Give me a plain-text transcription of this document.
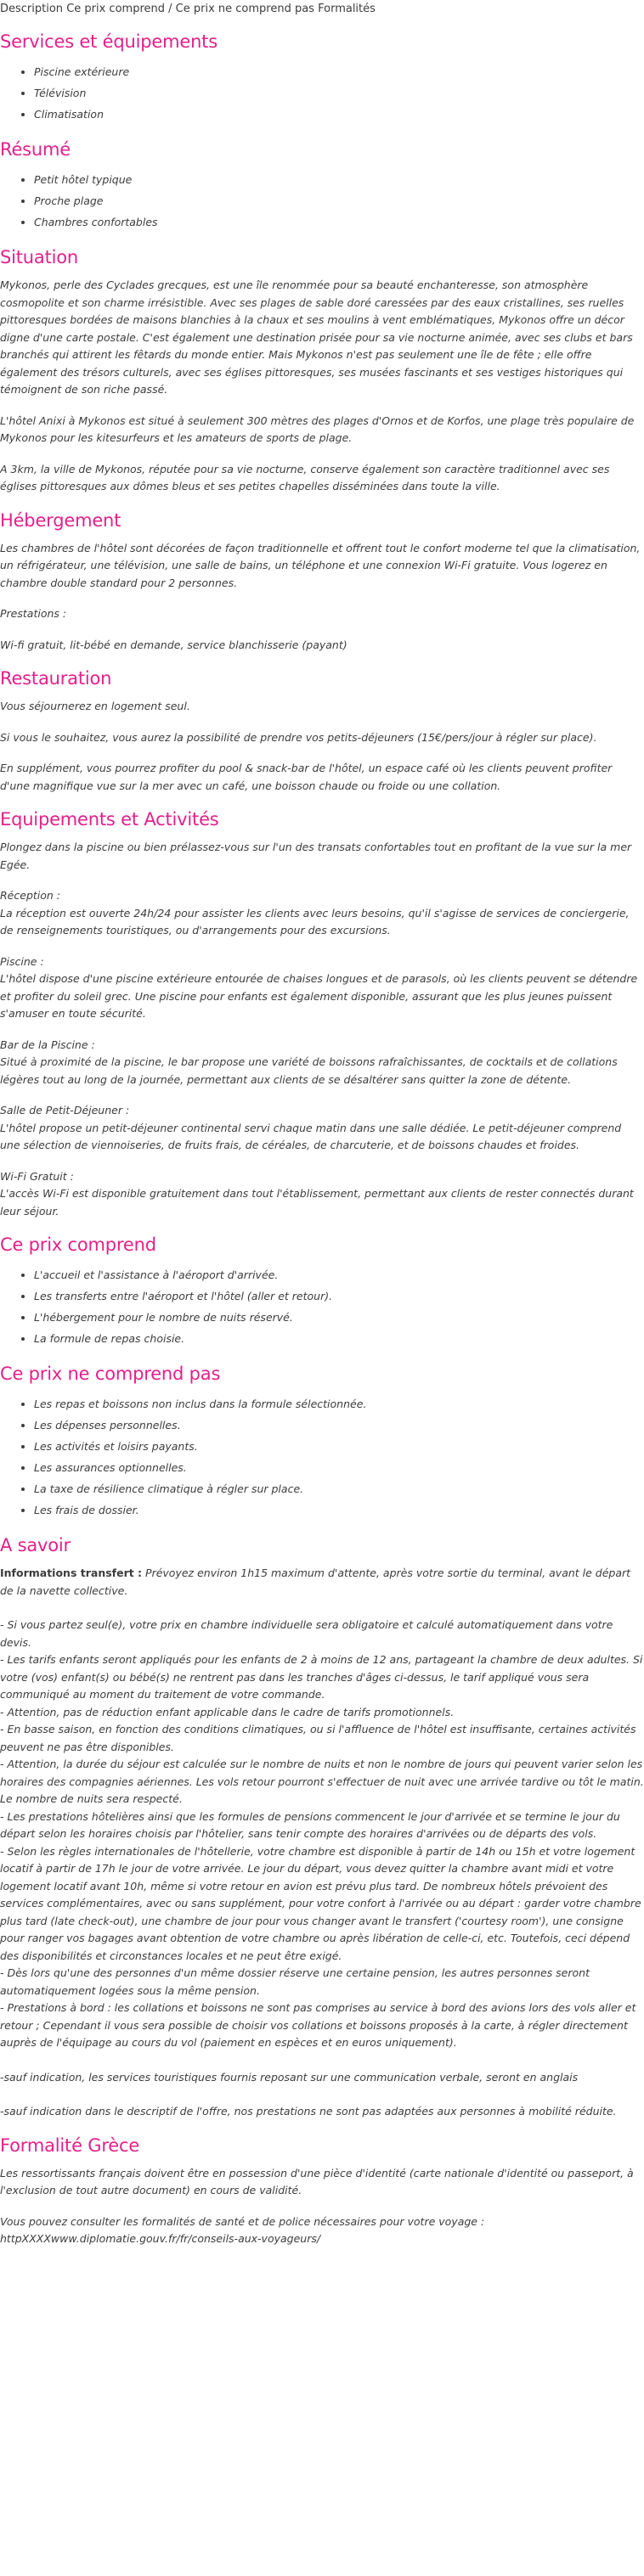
Description Ce prix comprend / Ce prix ne comprend pas Formalités
Services et équipements
• Piscine extérieure
• Télévision
• Climatisation
Résumé
• Petit hôtel typique
• Proche plage
• Chambres confortables
Situation

Mykonos, perle des Cyclades grecques, est une île renommée pour sa beauté enchanteresse, son atmosphère cosmopolite et son charme irrésistible. Avec ses plages de sable doré caressées par des eaux cristallines, ses ruelles pittoresques bordées de maisons blanchies à la chaux et ses moulins à vent emblématiques, Mykonos offre un décor digne d'une carte postale. C'est également une destination prisée pour sa vie nocturne animée, avec ses clubs et bars branchés qui attirent les fêtards du monde entier. Mais Mykonos n'est pas seulement une île de fête ; elle offre également des trésors culturels, avec ses églises pittoresques, ses musées fascinants et ses vestiges historiques qui témoignent de son riche passé.

L'hôtel Anixi à Mykonos est situé à seulement 300 mètres des plages d'Ornos et de Korfos, une plage très populaire de Mykonos pour les kitesurfeurs et les amateurs de sports de plage.

A 3km, la ville de Mykonos, réputée pour sa vie nocturne, conserve également son caractère traditionnel avec ses églises pittoresques aux dômes bleus et ses petites chapelles disséminées dans toute la ville.

Hébergement

Les chambres de l'hôtel sont décorées de façon traditionnelle et offrent tout le confort moderne tel que la climatisation, un réfrigérateur, une télévision, une salle de bains, un téléphone et une connexion Wi-Fi gratuite. Vous logerez en chambre double standard pour 2 personnes.

Prestations :

Wi-fi gratuit, lit-bébé en demande, service blanchisserie (payant)

Restauration

Vous séjournerez en logement seul.

Si vous le souhaitez, vous aurez la possibilité de prendre vos petits-déjeuners (15€/pers/jour à régler sur place).

En supplément, vous pourrez profiter du pool & snack-bar de l'hôtel, un espace café où les clients peuvent profiter d'une magnifique vue sur la mer avec un café, une boisson chaude ou froide ou une collation.

Equipements et Activités

Plongez dans la piscine ou bien prélassez-vous sur l'un des transats confortables tout en profitant de la vue sur la mer Egée.

Réception :

La réception est ouverte 24h/24 pour assister les clients avec leurs besoins, qu'il s'agisse de services de conciergerie, de renseignements touristiques, ou d'arrangements pour des excursions.

Piscine :

L'hôtel dispose d'une piscine extérieure entourée de chaises longues et de parasols, où les clients peuvent se détendre et profiter du soleil grec. Une piscine pour enfants est également disponible, assurant que les plus jeunes puissent s'amuser en toute sécurité.

Bar de la Piscine :

Situé à proximité de la piscine, le bar propose une variété de boissons rafraîchissantes, de cocktails et de collations légères tout au long de la journée, permettant aux clients de se désaltérer sans quitter la zone de détente.

Salle de Petit-Déjeuner :

L'hôtel propose un petit-déjeuner continental servi chaque matin dans une salle dédiée. Le petit-déjeuner comprend une sélection de viennoiseries, de fruits frais, de céréales, de charcuterie, et de boissons chaudes et froides.

Wi-Fi Gratuit :

L'accès Wi-Fi est disponible gratuitement dans tout l'établissement, permettant aux clients de rester connectés durant leur séjour.

Ce prix comprend
• L'accueil et l'assistance à l'aéroport d'arrivée.
• Les transferts entre l'aéroport et l'hôtel (aller et retour).
• L'hébergement pour le nombre de nuits réservé.
• La formule de repas choisie.
Ce prix ne comprend pas
• Les repas et boissons non inclus dans la formule sélectionnée.
• Les dépenses personnelles.
• Les activités et loisirs payants.
• Les assurances optionnelles.
• La taxe de résilience climatique à régler sur place.
• Les frais de dossier.
A savoir

Informations transfert : Prévoyez environ 1h15 maximum d'attente, après votre sortie du terminal, avant le départ de la navette collective.

- Si vous partez seul(e), votre prix en chambre individuelle sera obligatoire et calculé automatiquement dans votre devis.

- Les tarifs enfants seront appliqués pour les enfants de 2 à moins de 12 ans, partageant la chambre de deux adultes. Si votre (vos) enfant(s) ou bébé(s) ne rentrent pas dans les tranches d'âges ci-dessus, le tarif appliqué vous sera communiqué au moment du traitement de votre commande.

- Attention, pas de réduction enfant applicable dans le cadre de tarifs promotionnels.

- En basse saison, en fonction des conditions climatiques, ou si l'affluence de l'hôtel est insuffisante, certaines activités peuvent ne pas être disponibles.

- Attention, la durée du séjour est calculée sur le nombre de nuits et non le nombre de jours qui peuvent varier selon les horaires des compagnies aériennes. Les vols retour pourront s'effectuer de nuit avec une arrivée tardive ou tôt le matin. Le nombre de nuits sera respecté.

- Les prestations hôtelières ainsi que les formules de pensions commencent le jour d'arrivée et se termine le jour du départ selon les horaires choisis par l'hôtelier, sans tenir compte des horaires d'arrivées ou de départs des vols.

- Selon les règles internationales de l'hôtellerie, votre chambre est disponible à partir de 14h ou 15h et votre logement locatif à partir de 17h le jour de votre arrivée. Le jour du départ, vous devez quitter la chambre avant midi et votre logement locatif avant 10h, même si votre retour en avion est prévu plus tard. De nombreux hôtels prévoient des services complémentaires, avec ou sans supplément, pour votre confort à l'arrivée ou au départ : garder votre chambre plus tard (late check-out), une chambre de jour pour vous changer avant le transfert ('courtesy room'), une consigne pour ranger vos bagages avant obtention de votre chambre ou après libération de celle-ci, etc. Toutefois, ceci dépend des disponibilités et circonstances locales et ne peut être exigé.

- Dès lors qu'une des personnes d'un même dossier réserve une certaine pension, les autres personnes seront automatiquement logées sous la même pension.

- Prestations à bord : les collations et boissons ne sont pas comprises au service à bord des avions lors des vols aller et retour ; Cependant il vous sera possible de choisir vos collations et boissons proposés à la carte, à régler directement auprès de l'équipage au cours du vol (paiement en espèces et en euros uniquement).

-sauf indication, les services touristiques fournis reposant sur une communication verbale, seront en anglais

-sauf indication dans le descriptif de l'offre, nos prestations ne sont pas adaptées aux personnes à mobilité réduite.

Formalité Grèce

Les ressortissants français doivent être en possession d'une pièce d'identité (carte nationale d'identité ou passeport, à l'exclusion de tout autre document) en cours de validité.

Vous pouvez consulter les formalités de santé et de police nécessaires pour votre voyage :

httpXXXXwww.diplomatie.gouv.fr/fr/conseils-aux-voyageurs/
